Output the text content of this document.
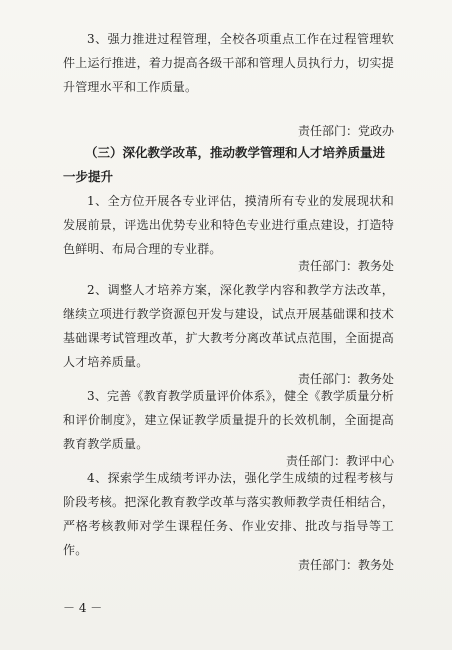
3、强力推进过程管理，全校各项重点工作在过程管理软件上运行推进，着力提高各级干部和管理人员执行力，切实提升管理水平和工作质量。
责任部门：党政办
（三）深化教学改革，推动教学管理和人才培养质量进一步提升
1、全方位开展各专业评估，摸清所有专业的发展现状和发展前景，评选出优势专业和特色专业进行重点建设，打造特色鲜明、布局合理的专业群。
责任部门：教务处
2、调整人才培养方案，深化教学内容和教学方法改革，继续立项进行教学资源包开发与建设，试点开展基础课和技术基础课考试管理改革，扩大教考分离改革试点范围，全面提高人才培养质量。
责任部门：教务处
3、完善《教育教学质量评价体系》，健全《教学质量分析和评价制度》，建立保证教学质量提升的长效机制，全面提高教育教学质量。
责任部门：教评中心
4、探索学生成绩考评办法，强化学生成绩的过程考核与阶段考核。把深化教育教学改革与落实教师教学责任相结合，严格考核教师对学生课程任务、作业安排、批改与指导等工作。
责任部门：教务处
－ 4 －
